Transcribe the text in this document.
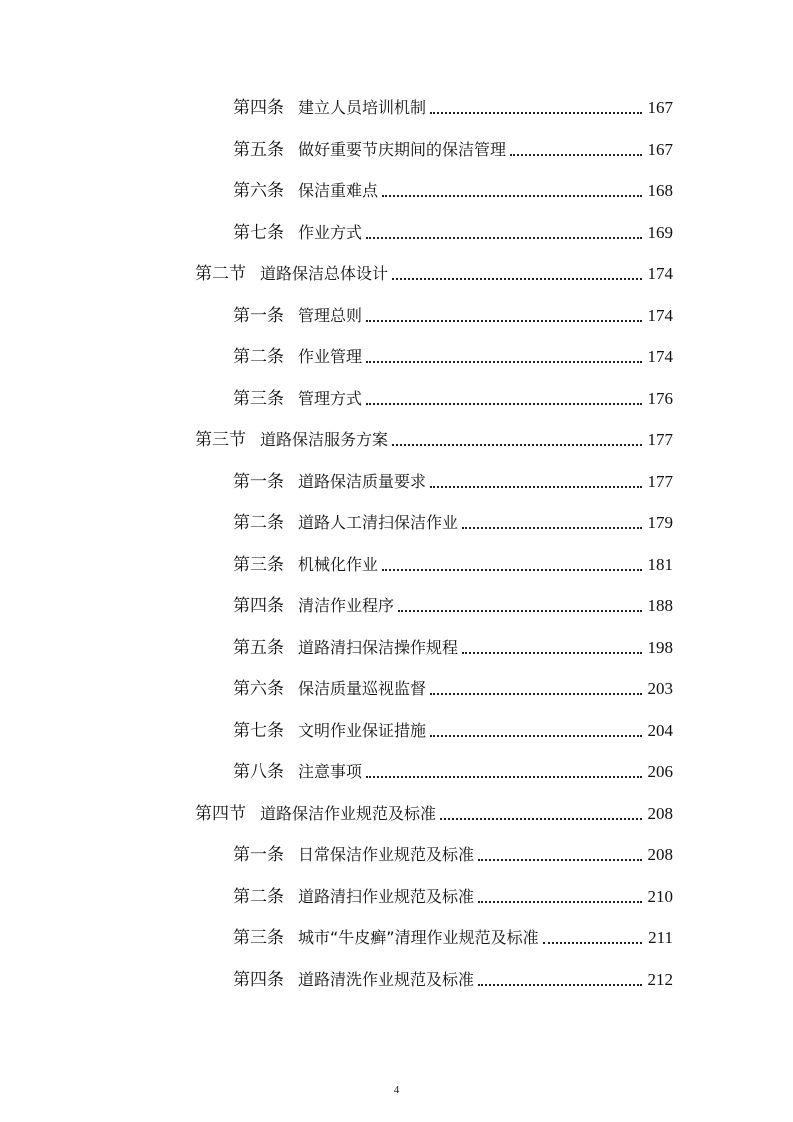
第四条 建立人员培训机制	167
第五条 做好重要节庆期间的保洁管理	167
第六条 保洁重难点	168
第七条 作业方式	169
第二节 道路保洁总体设计	174
第一条 管理总则	174
第二条 作业管理	174
第三条 管理方式	176
第三节 道路保洁服务方案	177
第一条 道路保洁质量要求	177
第二条 道路人工清扫保洁作业	179
第三条 机械化作业	181
第四条 清洁作业程序	188
第五条 道路清扫保洁操作规程	198
第六条 保洁质量巡视监督	203
第七条 文明作业保证措施	204
第八条 注意事项	206
第四节 道路保洁作业规范及标准	208
第一条 日常保洁作业规范及标准	208
第二条 道路清扫作业规范及标准	210
第三条 城市“牛皮癣”清理作业规范及标准	211
第四条 道路清洗作业规范及标准	212
4
